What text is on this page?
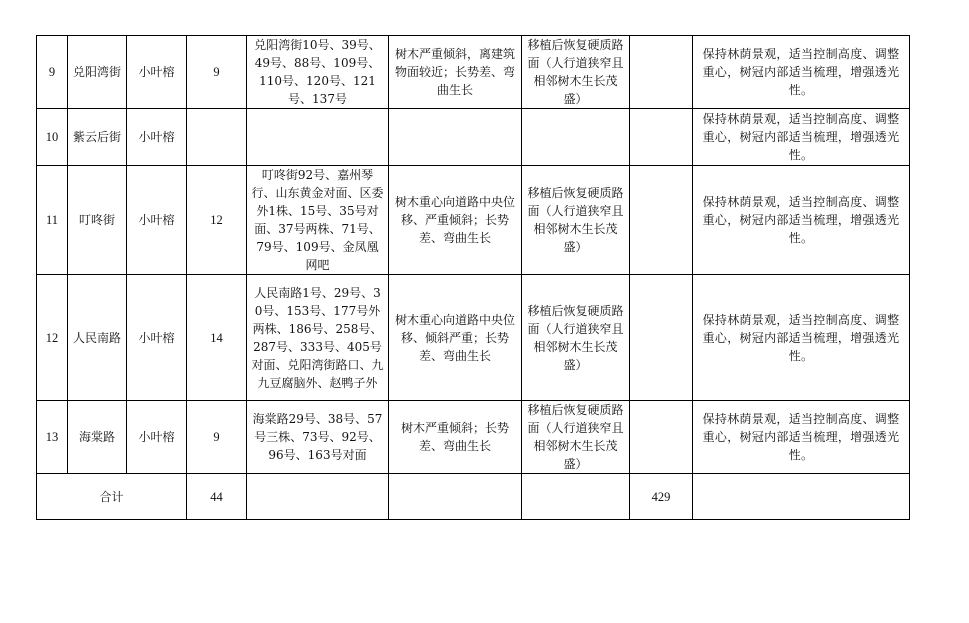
9	兑阳湾街	小叶榕	9	兑阳湾街10号、39号、49号、88号、109号、110号、120号、121号、137号	树木严重倾斜，离建筑物面较近；长势差、弯曲生长	移植后恢复硬质路面（人行道狭窄且相邻树木生长茂盛）		保持林荫景观，适当控制高度、调整重心，树冠内部适当梳理，增强透光性。
10	紫云后街	小叶榕						保持林荫景观，适当控制高度、调整重心，树冠内部适当梳理，增强透光性。
11	叮咚街	小叶榕	12	叮咚街92号、嘉州琴行、山东黄金对面、区委外1株、15号、35号对面、37号两株、71号、79号、109号、金凤凰网吧	树木重心向道路中央位移、严重倾斜；长势差、弯曲生长	移植后恢复硬质路面（人行道狭窄且相邻树木生长茂盛）		保持林荫景观，适当控制高度、调整重心，树冠内部适当梳理，增强透光性。
12	人民南路	小叶榕	14	人民南路1号、29号、30号、153号、177号外两株、186号、258号、287号、333号、405号对面、兑阳湾街路口、九九豆腐脑外、赵鸭子外	树木重心向道路中央位移、倾斜严重；长势差、弯曲生长	移植后恢复硬质路面（人行道狭窄且相邻树木生长茂盛）		保持林荫景观，适当控制高度、调整重心，树冠内部适当梳理，增强透光性。
13	海棠路	小叶榕	9	海棠路29号、38号、57号三株、73号、92号、96号、163号对面	树木严重倾斜；长势差、弯曲生长	移植后恢复硬质路面（人行道狭窄且相邻树木生长茂盛）		保持林荫景观，适当控制高度、调整重心，树冠内部适当梳理，增强透光性。
合计			44				429	
